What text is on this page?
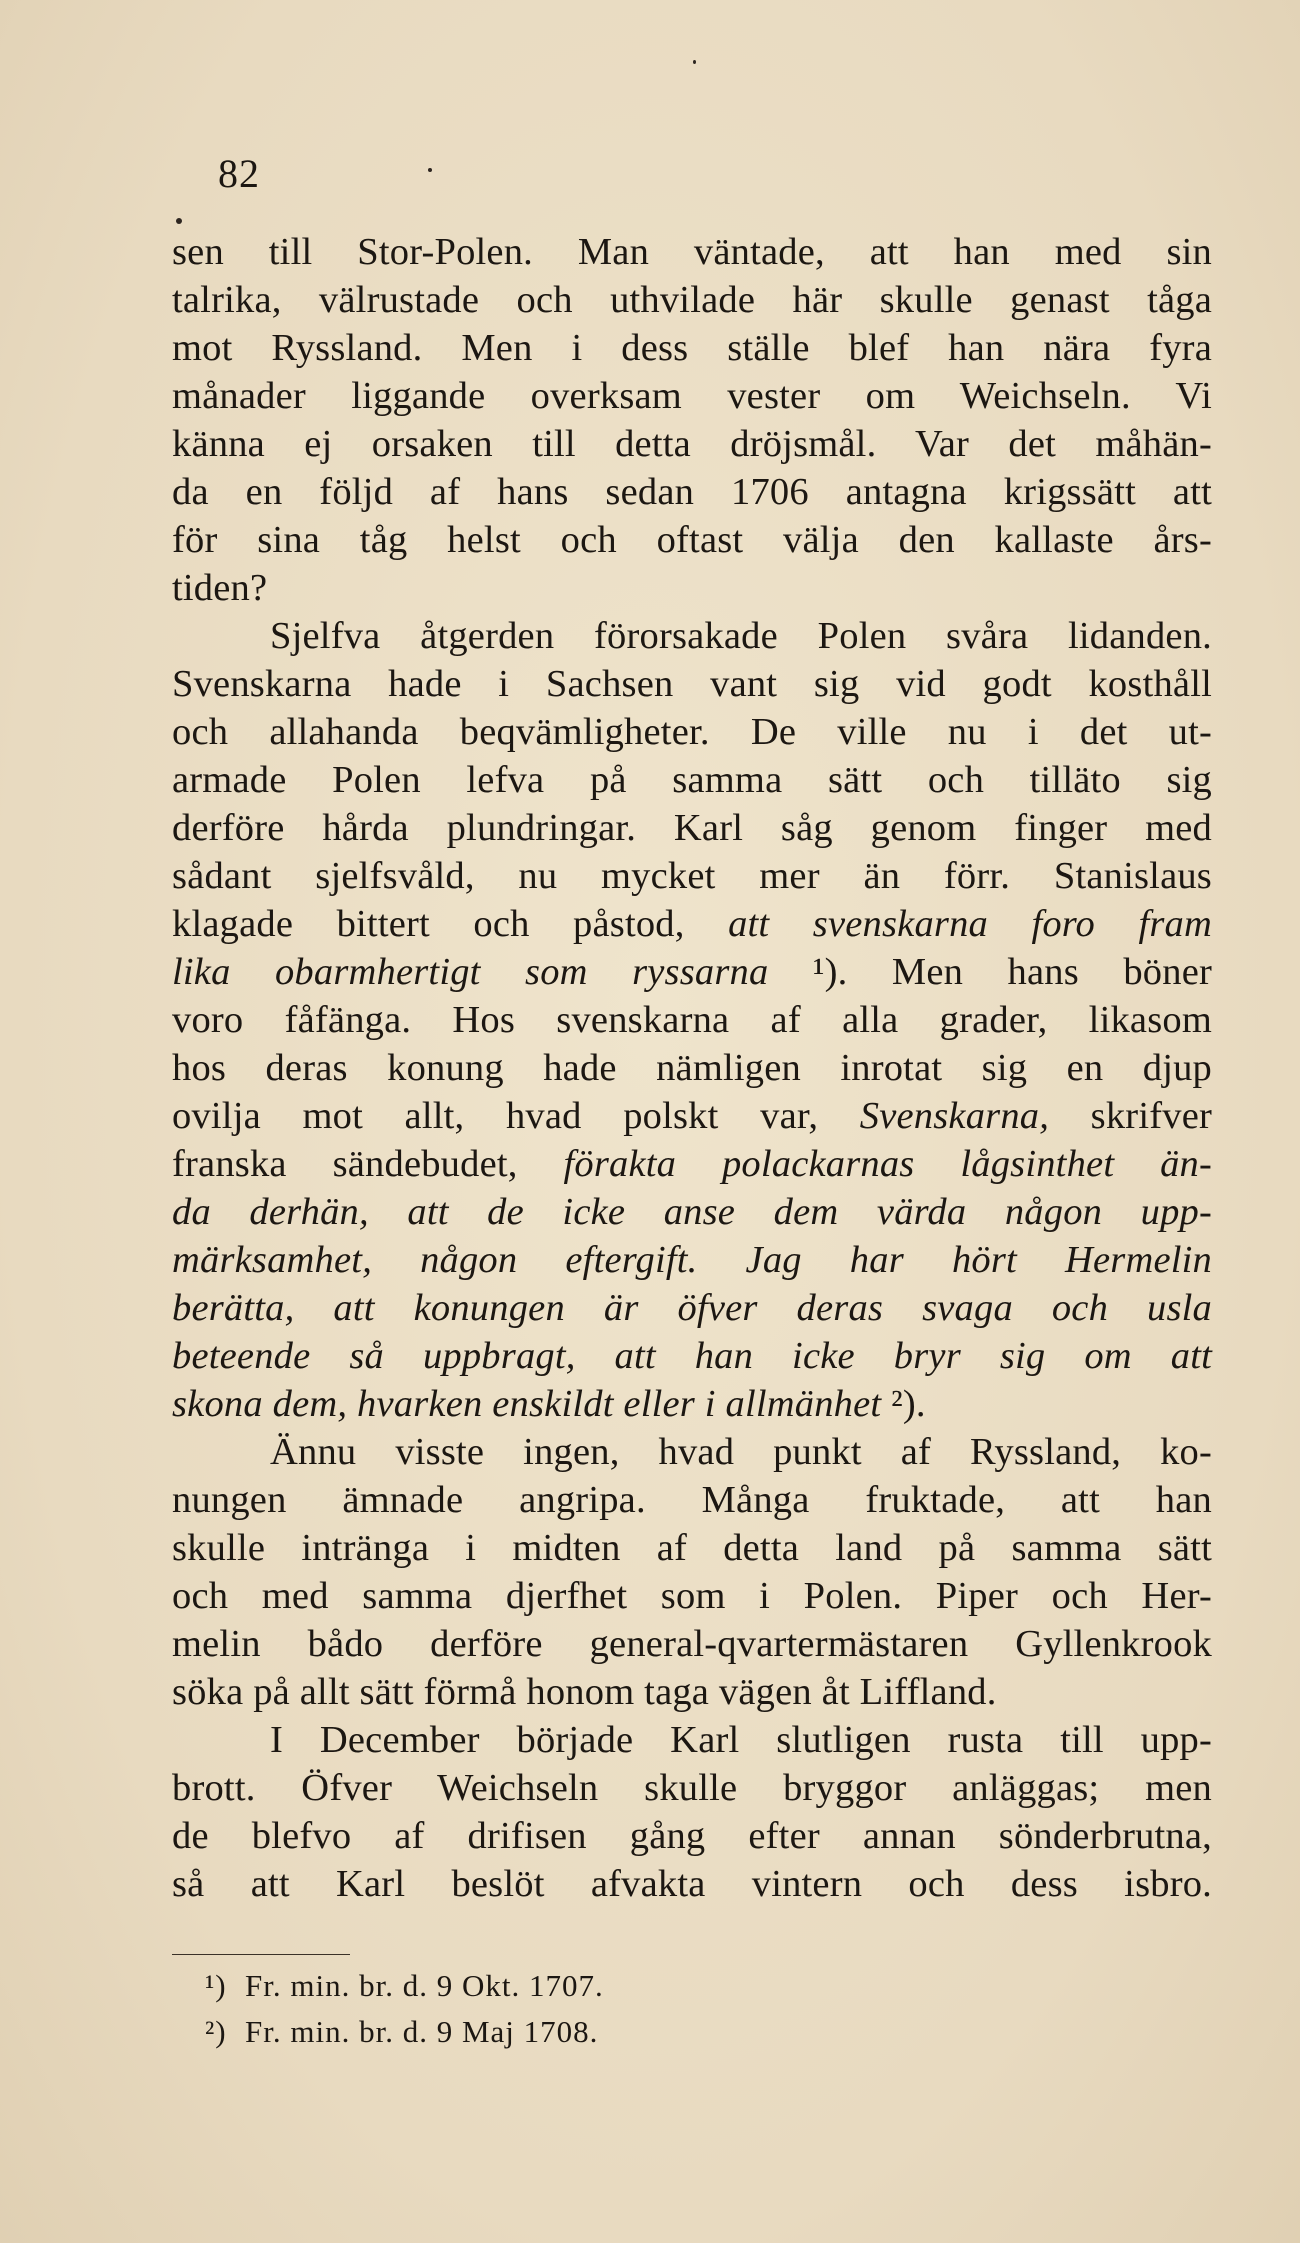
82
sen till Stor-Polen. Man väntade, att han med sin
talrika, välrustade och uthvilade här skulle genast tåga
mot Ryssland. Men i dess ställe blef han nära fyra
månader liggande overksam vester om Weichseln. Vi
känna ej orsaken till detta dröjsmål. Var det måhän-
da en följd af hans sedan 1706 antagna krigssätt att
för sina tåg helst och oftast välja den kallaste års-
tiden?
Sjelfva åtgerden förorsakade Polen svåra lidanden.
Svenskarna hade i Sachsen vant sig vid godt kosthåll
och allahanda beqvämligheter. De ville nu i det ut-
armade Polen lefva på samma sätt och tilläto sig
derföre hårda plundringar. Karl såg genom finger med
sådant sjelfsvåld, nu mycket mer än förr. Stanislaus
klagade bittert och påstod, att svenskarna foro fram
lika obarmhertigt som ryssarna ¹). Men hans böner
voro fåfänga. Hos svenskarna af alla grader, likasom
hos deras konung hade nämligen inrotat sig en djup
ovilja mot allt, hvad polskt var, Svenskarna, skrifver
franska sändebudet, förakta polackarnas lågsinthet än-
da derhän, att de icke anse dem värda någon upp-
märksamhet, någon eftergift. Jag har hört Hermelin
berätta, att konungen är öfver deras svaga och usla
beteende så uppbragt, att han icke bryr sig om att
skona dem, hvarken enskildt eller i allmänhet ²).
Ännu visste ingen, hvad punkt af Ryssland, ko-
nungen ämnade angripa. Många fruktade, att han
skulle intränga i midten af detta land på samma sätt
och med samma djerfhet som i Polen. Piper och Her-
melin bådo derföre general-qvartermästaren Gyllenkrook
söka på allt sätt förmå honom taga vägen åt Liffland.
I December började Karl slutligen rusta till upp-
brott. Öfver Weichseln skulle bryggor anläggas; men
de blefvo af drifisen gång efter annan sönderbrutna,
så att Karl beslöt afvakta vintern och dess isbro.
¹) Fr. min. br. d. 9 Okt. 1707.
²) Fr. min. br. d. 9 Maj 1708.
